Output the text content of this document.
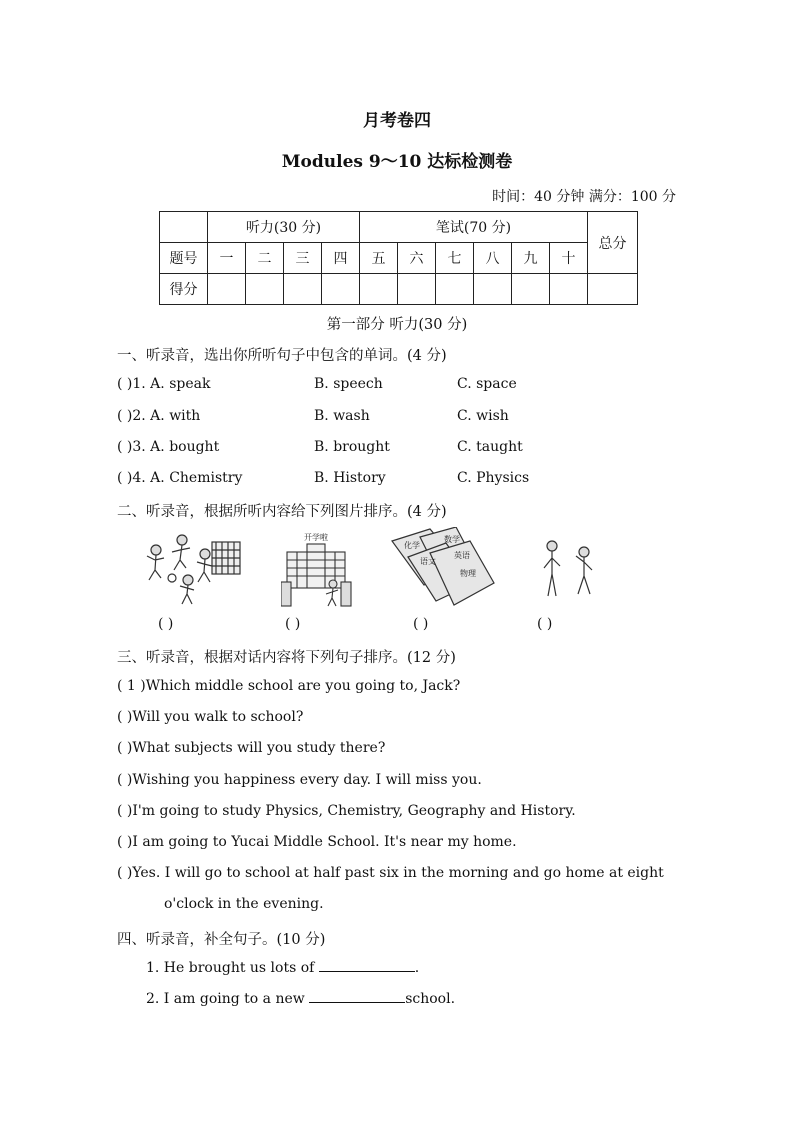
月考卷四
Modules 9～10 达标检测卷
时间：40 分钟 满分：100 分
	听力(30 分)				笔试(70 分)						总分
题号	一	二	三	四	五	六	七	八	九	十	
得分											
第一部分 听力(30 分)
一、听录音，选出你所听句子中包含的单词。(4 分)
( )1. A. speak	B. speech	C. space
( )2. A. with	B. wash	C. wish
( )3. A. bought	B. brought	C. taught
( )4. A. Chemistry	B. History	C. Physics
二、听录音，根据所听内容给下列图片排序。(4 分)
开学啦
化学
数学
语文
英语
物理
( )	( )	( )	( )
三、听录音，根据对话内容将下列句子排序。(12 分)
( 1 )Which middle school are you going to, Jack?
( )Will you walk to school?
( )What subjects will you study there?
( )Wishing you happiness every day. I will miss you.
( )I'm going to study Physics, Chemistry, Geography and History.
( )I am going to Yucai Middle School. It's near my home.
( )Yes. I will go to school at half past six in the morning and go home at eight
o'clock in the evening.
四、听录音，补全句子。(10 分)
1. He brought us lots of	.
2. I am going to a new	school.
